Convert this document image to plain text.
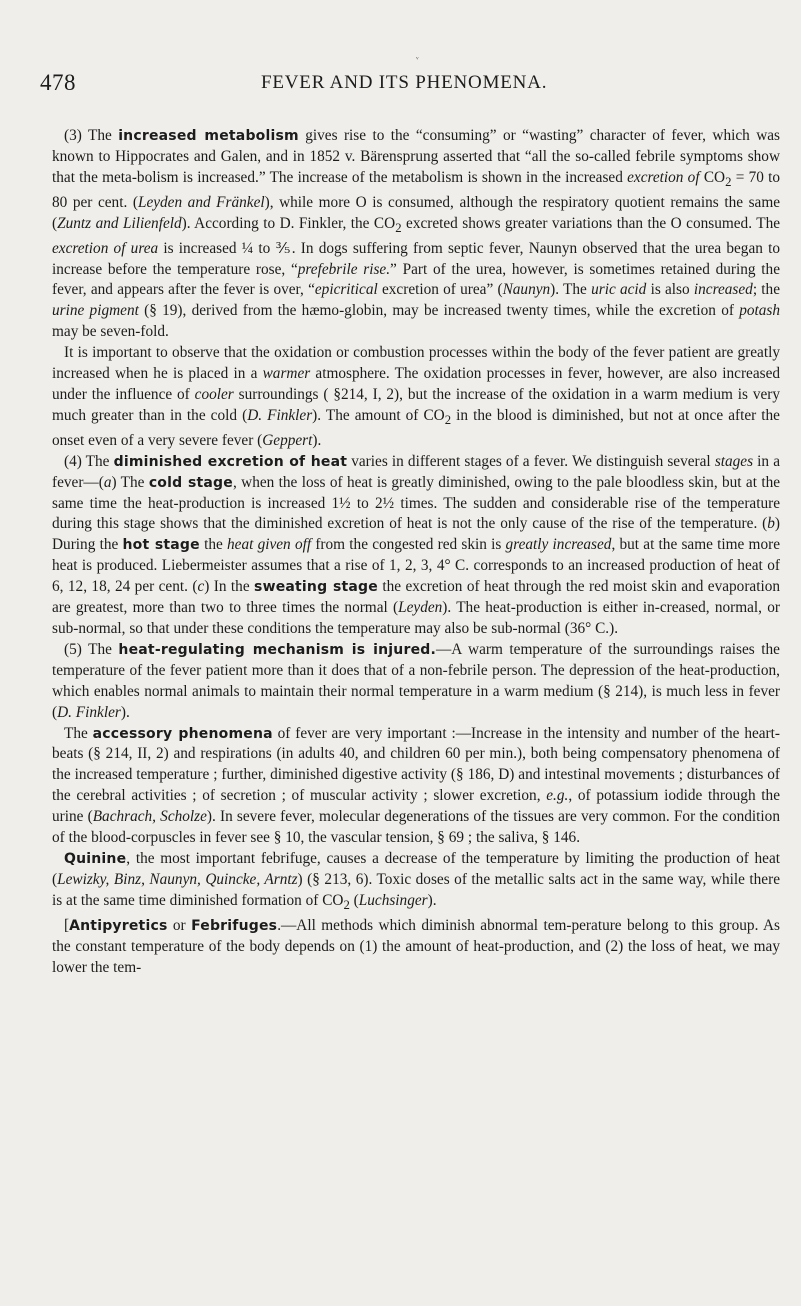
ᵛ
478	FEVER AND ITS PHENOMENA.

(3) The increased metabolism gives rise to the “consuming” or “wasting” character of fever, which was known to Hippocrates and Galen, and in 1852 v. Bärensprung asserted that “all the so-called febrile symptoms show that the meta-bolism is increased.” The increase of the metabolism is shown in the increased excretion of $CO_2 = 70$ to 80 per cent. (Leyden and Fränkel), while more O is consumed, although the respiratory quotient remains the same (Zuntz and Lilienfeld). According to D. Finkler, the $CO_2$ excreted shows greater variations than the O consumed. The excretion of urea is increased ¼ to ⅗. In dogs suffering from septic fever, Naunyn observed that the urea began to increase before the temperature rose, “prefebrile rise.” Part of the urea, however, is sometimes retained during the fever, and appears after the fever is over, “epicritical excretion of urea” (Naunyn). The uric acid is also increased; the urine pigment (§ 19), derived from the hæmo-globin, may be increased twenty times, while the excretion of potash may be seven-fold.

It is important to observe that the oxidation or combustion processes within the body of the fever patient are greatly increased when he is placed in a warmer atmosphere. The oxidation processes in fever, however, are also increased under the influence of cooler surroundings ( §214, I, 2), but the increase of the oxidation in a warm medium is very much greater than in the cold (D. Finkler). The amount of $CO_2$ in the blood is diminished, but not at once after the onset even of a very severe fever (Geppert).

(4) The diminished excretion of heat varies in different stages of a fever. We distinguish several stages in a fever—(a) The cold stage, when the loss of heat is greatly diminished, owing to the pale bloodless skin, but at the same time the heat-production is increased 1½ to 2½ times. The sudden and considerable rise of the temperature during this stage shows that the diminished excretion of heat is not the only cause of the rise of the temperature. (b) During the hot stage the heat given off from the congested red skin is greatly increased, but at the same time more heat is produced. Liebermeister assumes that a rise of 1, 2, 3, 4° C. corresponds to an increased production of heat of 6, 12, 18, 24 per cent. (c) In the sweating stage the excretion of heat through the red moist skin and evaporation are greatest, more than two to three times the normal (Leyden). The heat-production is either in-creased, normal, or sub-normal, so that under these conditions the temperature may also be sub-normal (36° C.).

(5) The heat-regulating mechanism is injured.—A warm temperature of the surroundings raises the temperature of the fever patient more than it does that of a non-febrile person. The depression of the heat-production, which enables normal animals to maintain their normal temperature in a warm medium (§ 214), is much less in fever (D. Finkler).

The accessory phenomena of fever are very important :—Increase in the intensity and number of the heart-beats (§ 214, II, 2) and respirations (in adults 40, and children 60 per min.), both being compensatory phenomena of the increased temperature ; further, diminished digestive activity (§ 186, D) and intestinal movements ; disturbances of the cerebral activities ; of secretion ; of muscular activity ; slower excretion, e.g., of potassium iodide through the urine (Bachrach, Scholze). In severe fever, molecular degenerations of the tissues are very common. For the condition of the blood-corpuscles in fever see § 10, the vascular tension, § 69 ; the saliva, § 146.

Quinine, the most important febrifuge, causes a decrease of the temperature by limiting the production of heat (Lewizky, Binz, Naunyn, Quincke, Arntz) (§ 213, 6). Toxic doses of the metallic salts act in the same way, while there is at the same time diminished formation of $CO_2$ (Luchsinger).

[Antipyretics or Febrifuges.—All methods which diminish abnormal tem-perature belong to this group. As the constant temperature of the body depends on (1) the amount of heat-production, and (2) the loss of heat, we may lower the tem-
